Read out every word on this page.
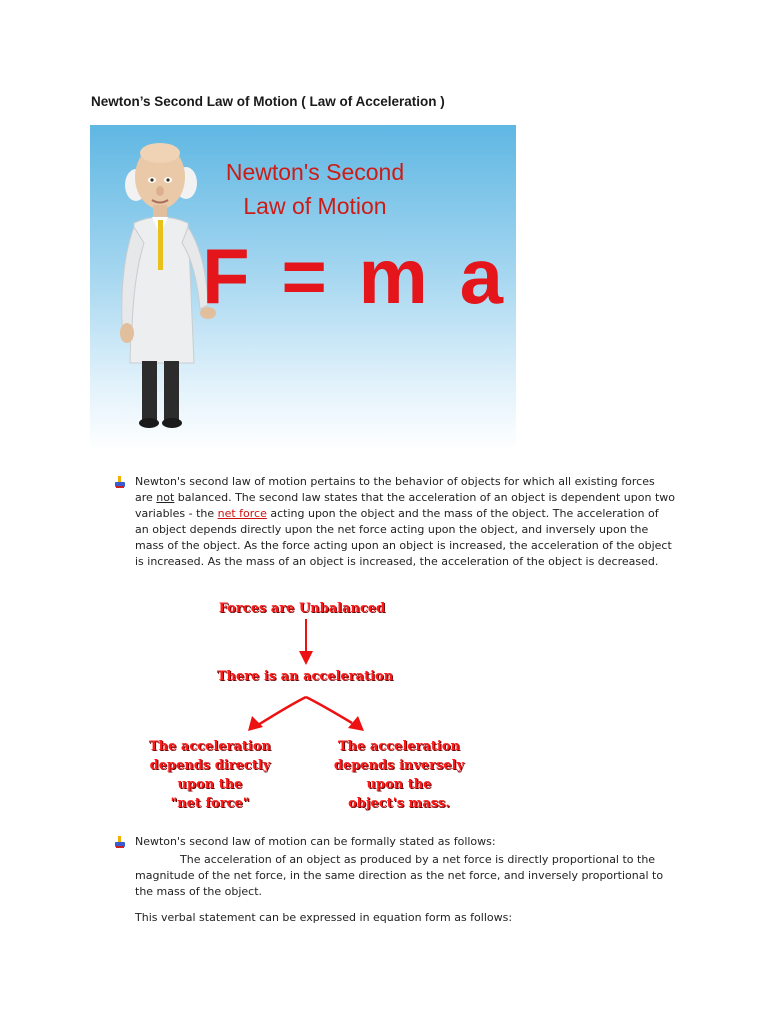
Newton’s Second Law of Motion ( Law of Acceleration )
Newton's Second
Law of Motion
F = m a
Newton's second law of motion pertains to the behavior of objects for which all existing forces are not balanced. The second law states that the acceleration of an object is dependent upon two variables - the net force acting upon the object and the mass of the object. The acceleration of an object depends directly upon the net force acting upon the object, and inversely upon the mass of the object. As the force acting upon an object is increased, the acceleration of the object is increased. As the mass of an object is increased, the acceleration of the object is decreased.
Forces are Unbalanced
There is an acceleration
The acceleration
depends directly
upon the
"net force"
The acceleration
depends inversely
upon the
object's mass.
Newton's second law of motion can be formally stated as follows:
The acceleration of an object as produced by a net force is directly proportional to the magnitude of the net force, in the same direction as the net force, and inversely proportional to the mass of the object.
This verbal statement can be expressed in equation form as follows:
